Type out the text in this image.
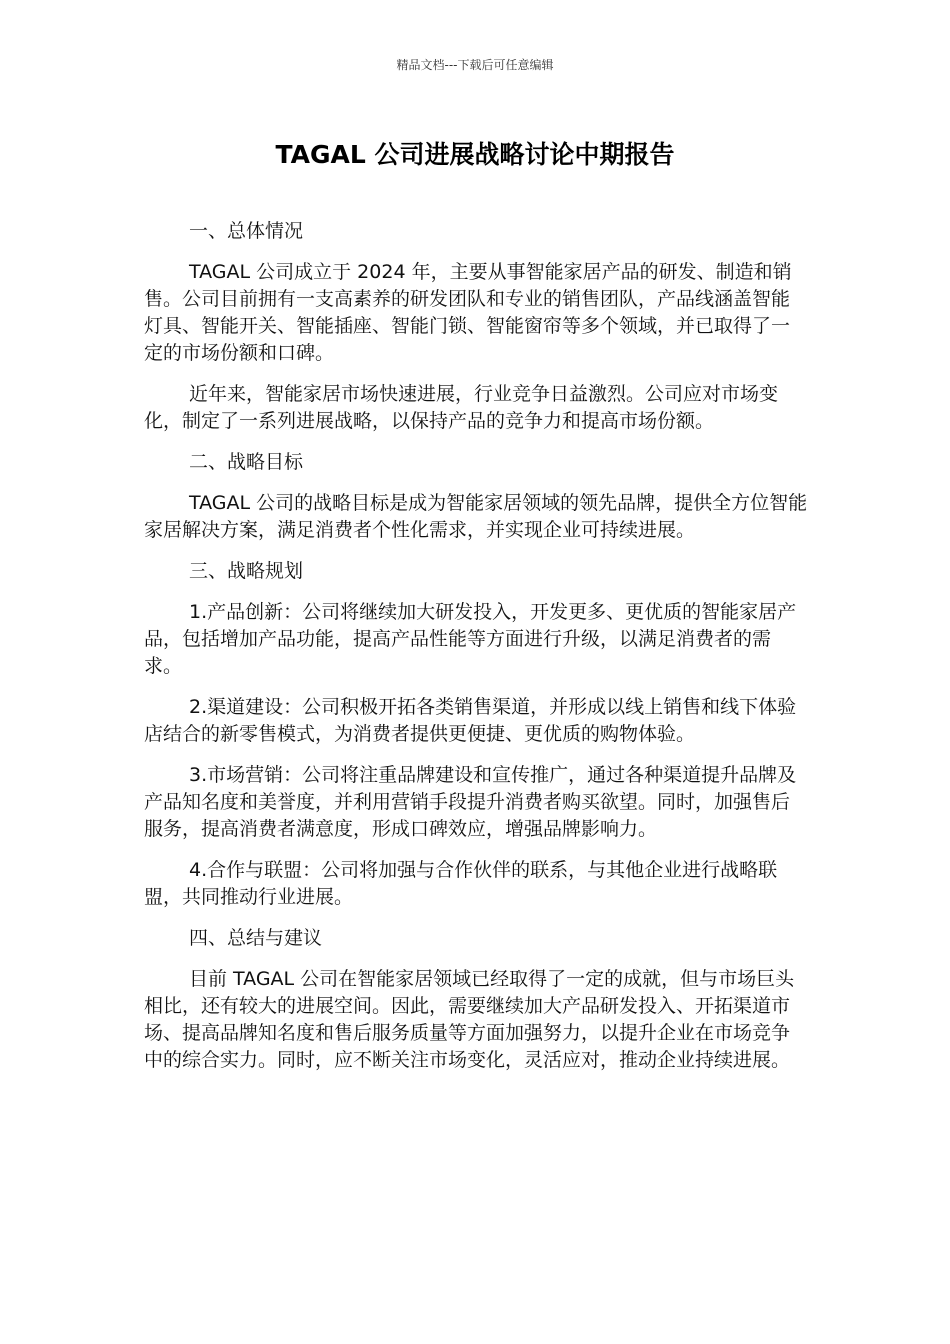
精品文档---下载后可任意编辑
TAGAL 公司进展战略讨论中期报告

一、总体情况

TAGAL 公司成立于 2024 年，主要从事智能家居产品的研发、制造和销售。公司目前拥有一支高素养的研发团队和专业的销售团队，产品线涵盖智能灯具、智能开关、智能插座、智能门锁、智能窗帘等多个领域，并已取得了一定的市场份额和口碑。

近年来，智能家居市场快速进展，行业竞争日益激烈。公司应对市场变化，制定了一系列进展战略，以保持产品的竞争力和提高市场份额。

二、战略目标

TAGAL 公司的战略目标是成为智能家居领域的领先品牌，提供全方位智能家居解决方案，满足消费者个性化需求，并实现企业可持续进展。

三、战略规划

1.产品创新：公司将继续加大研发投入，开发更多、更优质的智能家居产品，包括增加产品功能，提高产品性能等方面进行升级，以满足消费者的需求。

2.渠道建设：公司积极开拓各类销售渠道，并形成以线上销售和线下体验店结合的新零售模式，为消费者提供更便捷、更优质的购物体验。

3.市场营销：公司将注重品牌建设和宣传推广，通过各种渠道提升品牌及产品知名度和美誉度，并利用营销手段提升消费者购买欲望。同时，加强售后服务，提高消费者满意度，形成口碑效应，增强品牌影响力。

4.合作与联盟：公司将加强与合作伙伴的联系，与其他企业进行战略联盟，共同推动行业进展。

四、总结与建议

目前 TAGAL 公司在智能家居领域已经取得了一定的成就，但与市场巨头相比，还有较大的进展空间。因此，需要继续加大产品研发投入、开拓渠道市场、提高品牌知名度和售后服务质量等方面加强努力，以提升企业在市场竞争中的综合实力。同时，应不断关注市场变化，灵活应对，推动企业持续进展。
